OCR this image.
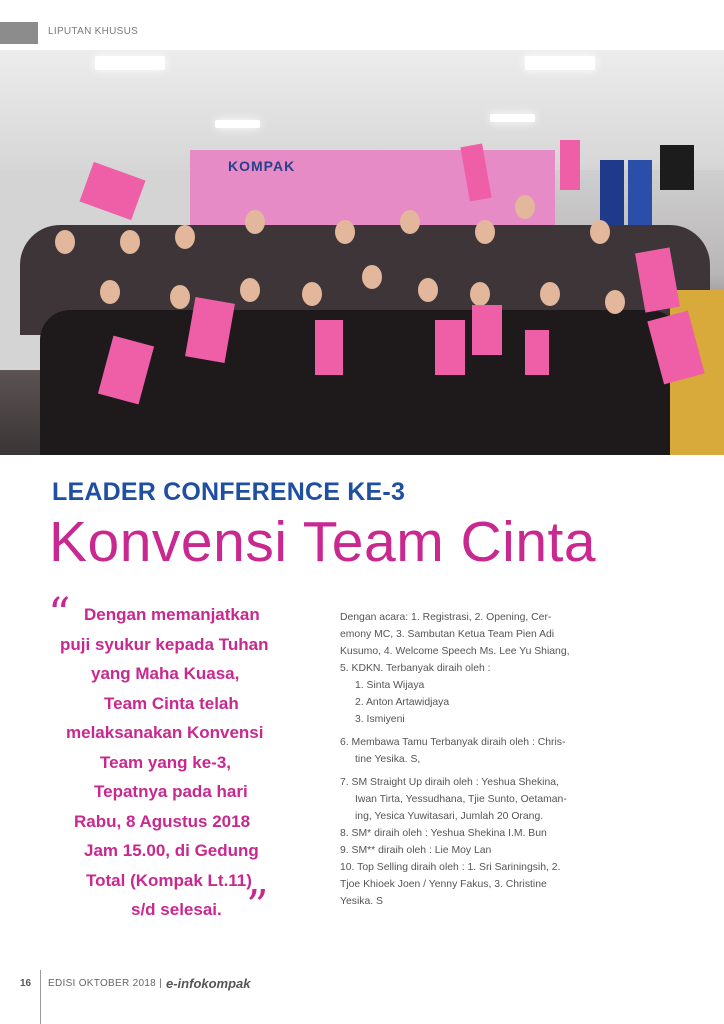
LIPUTAN KHUSUS
KOMPAK
LEADER CONFERENCE KE-3
Konvensi Team Cinta
“ Dengan memanjatkan
puji syukur kepada Tuhan
yang Maha Kuasa,
Team Cinta telah
melaksanakan Konvensi
Team yang ke-3,
Tepatnya pada hari
Rabu, 8 Agustus 2018
Jam 15.00, di Gedung
Total (Kompak Lt.11)
s/d selesai. ”
Dengan acara: 1. Registrasi, 2. Opening, Cer-
emony MC, 3. Sambutan Ketua Team Pien Adi
Kusumo, 4. Welcome Speech Ms. Lee Yu Shiang,
5. KDKN. Terbanyak diraih oleh :
1. Sinta Wijaya
2. Anton Artawidjaya
3. Ismiyeni
6. Membawa Tamu Terbanyak diraih oleh : Chris-
tine Yesika. S,
7. SM Straight Up diraih oleh : Yeshua Shekina,
Iwan Tirta, Yessudhana, Tjie Sunto, Oetaman-
ing, Yesica Yuwitasari, Jumlah 20 Orang.
8. SM* diraih oleh : Yeshua Shekina I.M. Bun
9. SM** diraih oleh : Lie Moy Lan
10. Top Selling diraih oleh : 1. Sri Sariningsih, 2.
Tjoe Khioek Joen / Yenny Fakus, 3. Christine
Yesika. S
16 EDISI OKTOBER 2018 | e-infokompak
